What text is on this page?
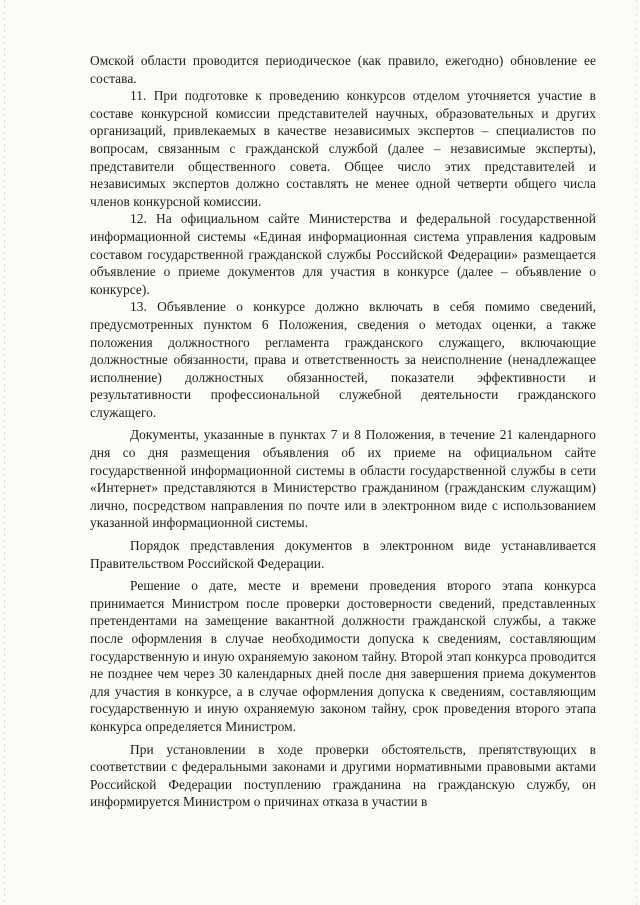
Омской области проводится периодическое (как правило, ежегодно) обновление ее состава.

11. При подготовке к проведению конкурсов отделом уточняется участие в составе конкурсной комиссии представителей научных, образовательных и других организаций, привлекаемых в качестве независимых экспертов – специалистов по вопросам, связанным с гражданской службой (далее – независимые эксперты), представители общественного совета. Общее число этих представителей и независимых экспертов должно составлять не менее одной четверти общего числа членов конкурсной комиссии.

12. На официальном сайте Министерства и федеральной государственной информационной системы «Единая информационная система управления кадровым составом государственной гражданской службы Российской Федерации» размещается объявление о приеме документов для участия в конкурсе (далее – объявление о конкурсе).

13. Объявление о конкурсе должно включать в себя помимо сведений, предусмотренных пунктом 6 Положения, сведения о методах оценки, а также положения должностного регламента гражданского служащего, включающие должностные обязанности, права и ответственность за неисполнение (ненадлежащее исполнение) должностных обязанностей, показатели эффективности и результативности профессиональной служебной деятельности гражданского служащего.

Документы, указанные в пунктах 7 и 8 Положения, в течение 21 календарного дня со дня размещения объявления об их приеме на официальном сайте государственной информационной системы в области государственной службы в сети «Интернет» представляются в Министерство гражданином (гражданским служащим) лично, посредством направления по почте или в электронном виде с использованием указанной информационной системы.

Порядок представления документов в электронном виде устанавливается Правительством Российской Федерации.

Решение о дате, месте и времени проведения второго этапа конкурса принимается Министром после проверки достоверности сведений, представленных претендентами на замещение вакантной должности гражданской службы, а также после оформления в случае необходимости допуска к сведениям, составляющим государственную и иную охраняемую законом тайну. Второй этап конкурса проводится не позднее чем через 30 календарных дней после дня завершения приема документов для участия в конкурсе, а в случае оформления допуска к сведениям, составляющим государственную и иную охраняемую законом тайну, срок проведения второго этапа конкурса определяется Министром.

При установлении в ходе проверки обстоятельств, препятствующих в соответствии с федеральными законами и другими нормативными правовыми актами Российской Федерации поступлению гражданина на гражданскую службу, он информируется Министром о причинах отказа в участии в
